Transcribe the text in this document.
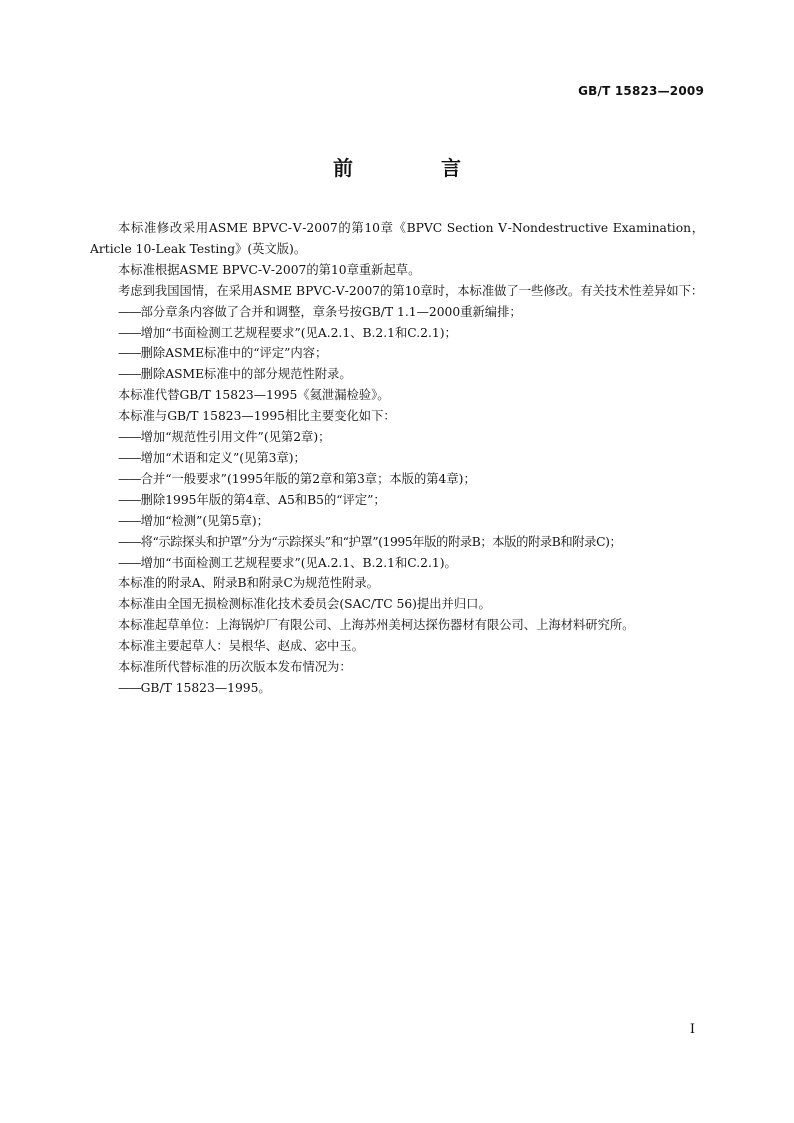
GB/T 15823—2009
前　言

本标准修改采用ASME BPVC-Ⅴ-2007的第10章《BPVC Section Ⅴ-Nondestructive Examination，Article 10-Leak Testing》(英文版)。

本标准根据ASME BPVC-Ⅴ-2007的第10章重新起草。

考虑到我国国情，在采用ASME BPVC-Ⅴ-2007的第10章时，本标准做了一些修改。有关技术性差异如下：

——部分章条内容做了合并和调整，章条号按GB/T 1.1—2000重新编排；

——增加“书面检测工艺规程要求”(见A.2.1、B.2.1和C.2.1)；

——删除ASME标准中的“评定”内容；

——删除ASME标准中的部分规范性附录。

本标准代替GB/T 15823—1995《氦泄漏检验》。

本标准与GB/T 15823—1995相比主要变化如下：

——增加“规范性引用文件”(见第2章)；

——增加“术语和定义”(见第3章)；

——合并“一般要求”(1995年版的第2章和第3章；本版的第4章)；

——删除1995年版的第4章、A5和B5的“评定”；

——增加“检测”(见第5章)；

——将“示踪探头和护罩”分为“示踪探头”和“护罩”(1995年版的附录B；本版的附录B和附录C)；

——增加“书面检测工艺规程要求”(见A.2.1、B.2.1和C.2.1)。

本标准的附录A、附录B和附录C为规范性附录。

本标准由全国无损检测标准化技术委员会(SAC/TC 56)提出并归口。

本标准起草单位：上海锅炉厂有限公司、上海苏州美柯达探伤器材有限公司、上海材料研究所。

本标准主要起草人：吴根华、赵成、宓中玉。

本标准所代替标准的历次版本发布情况为：

——GB/T 15823—1995。

Ⅰ
